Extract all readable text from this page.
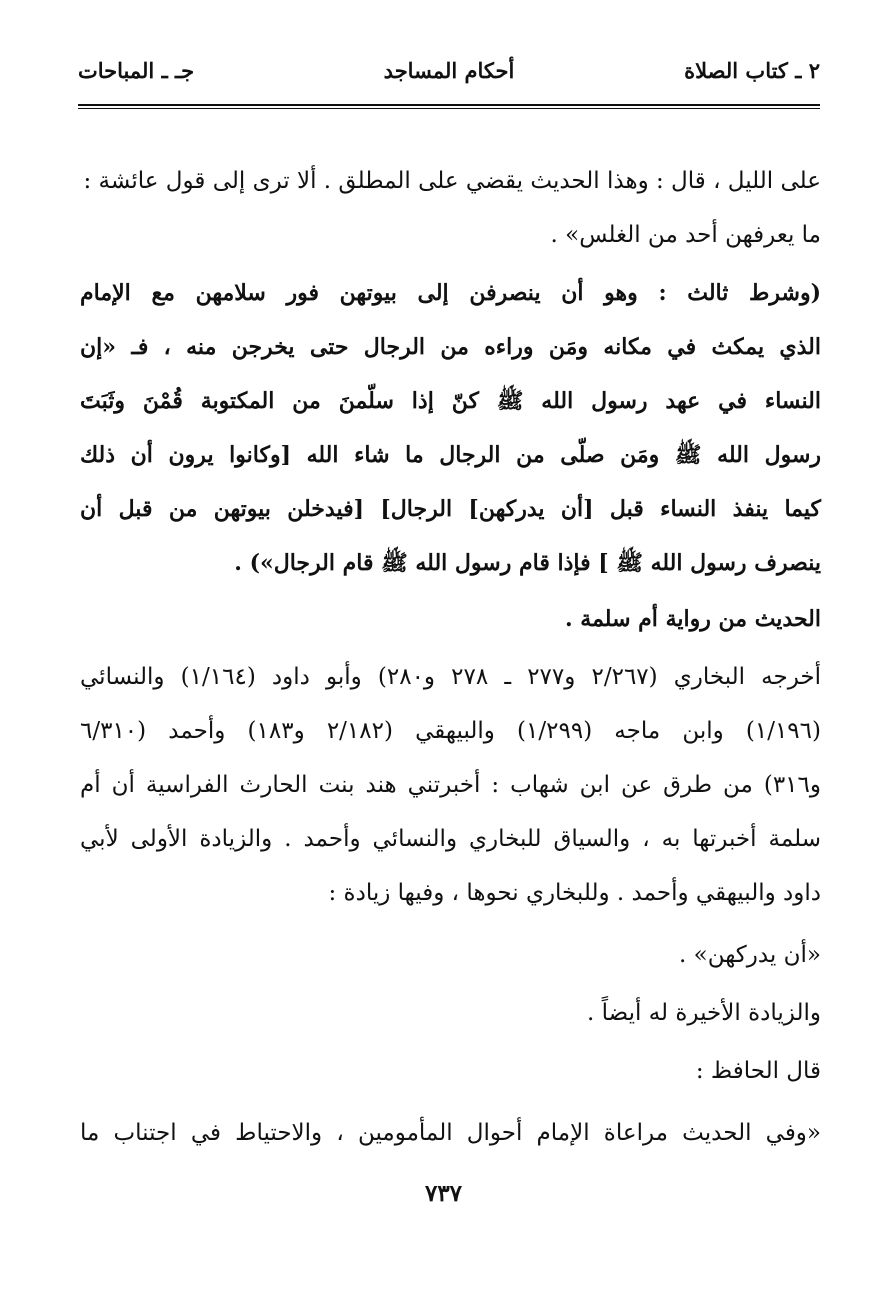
٢ ـ كتاب الصلاة
أحكام المساجد
جـ ـ المباحات
على الليل ، قال : وهذا الحديث يقضي على المطلق . ألا ترى إلى قول عائشة :
ما يعرفهن أحد من الغلس» .
(وشرط ثالث : وهو أن ينصرفن إلى بيوتهن فور سلامهن مع الإمام
الذي يمكث في مكانه ومَن وراءه من الرجال حتى يخرجن منه ، فـ «إن
النساء في عهد رسول الله ﷺ كنّ إذا سلّمنَ من المكتوبة قُمْنَ وثَبَتَ
رسول الله ﷺ ومَن صلّى من الرجال ما شاء الله [وكانوا يرون أن ذلك
كيما ينفذ النساء قبل [أن يدركهن] الرجال] [فيدخلن بيوتهن من قبل أن
ينصرف رسول الله ﷺ ] فإذا قام رسول الله ﷺ قام الرجال») .
الحديث من رواية أم سلمة .
أخرجه البخاري (٢/٢٦٧ و٢٧٧ ـ ٢٧٨ و٢٨٠) وأبو داود (١/١٦٤) والنسائي
(١/١٩٦) وابن ماجه (١/٢٩٩) والبيهقي (٢/١٨٢ و١٨٣) وأحمد (٦/٣١٠
و٣١٦) من طرق عن ابن شهاب : أخبرتني هند بنت الحارث الفراسية أن أم
سلمة أخبرتها به ، والسياق للبخاري والنسائي وأحمد . والزيادة الأولى لأبي
داود والبيهقي وأحمد . وللبخاري نحوها ، وفيها زيادة :
«أن يدركهن» .
والزيادة الأخيرة له أيضاً .
قال الحافظ :
«وفي الحديث مراعاة الإمام أحوال المأمومين ، والاحتياط في اجتناب ما
٧٣٧
